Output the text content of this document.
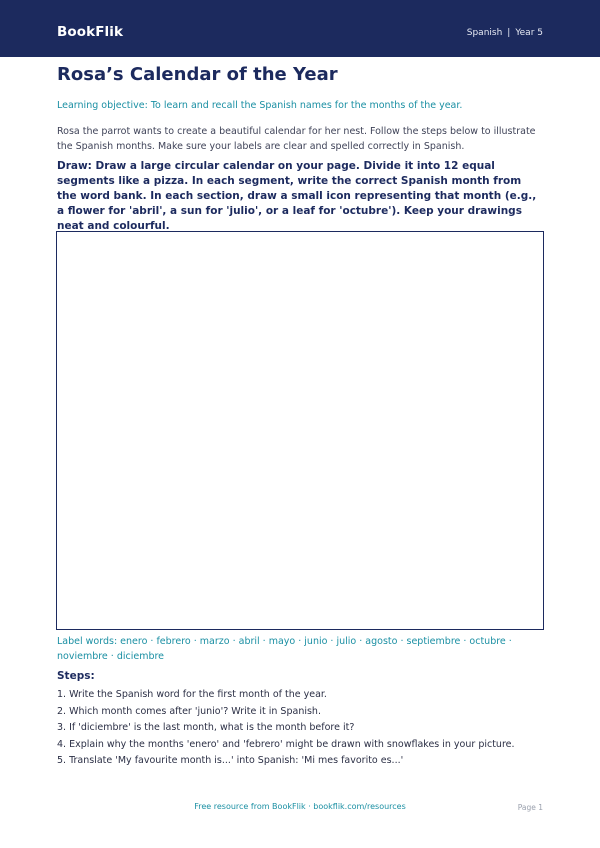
BookFlik	Spanish | Year 5
Rosa’s Calendar of the Year
Learning objective: To learn and recall the Spanish names for the months of the year.
Rosa the parrot wants to create a beautiful calendar for her nest. Follow the steps below to illustrate the Spanish months. Make sure your labels are clear and spelled correctly in Spanish.
Draw: Draw a large circular calendar on your page. Divide it into 12 equal segments like a pizza. In each segment, write the correct Spanish month from the word bank. In each section, draw a small icon representing that month (e.g., a flower for 'abril', a sun for 'julio', or a leaf for 'octubre'). Keep your drawings neat and colourful.
Label words: enero · febrero · marzo · abril · mayo · junio · julio · agosto · septiembre · octubre · noviembre · diciembre
Steps:
1. Write the Spanish word for the first month of the year.
2. Which month comes after 'junio'? Write it in Spanish.
3. If 'diciembre' is the last month, what is the month before it?
4. Explain why the months 'enero' and 'febrero' might be drawn with snowflakes in your picture.
5. Translate 'My favourite month is...' into Spanish: 'Mi mes favorito es...'
Free resource from BookFlik · bookflik.com/resources	Page 1
